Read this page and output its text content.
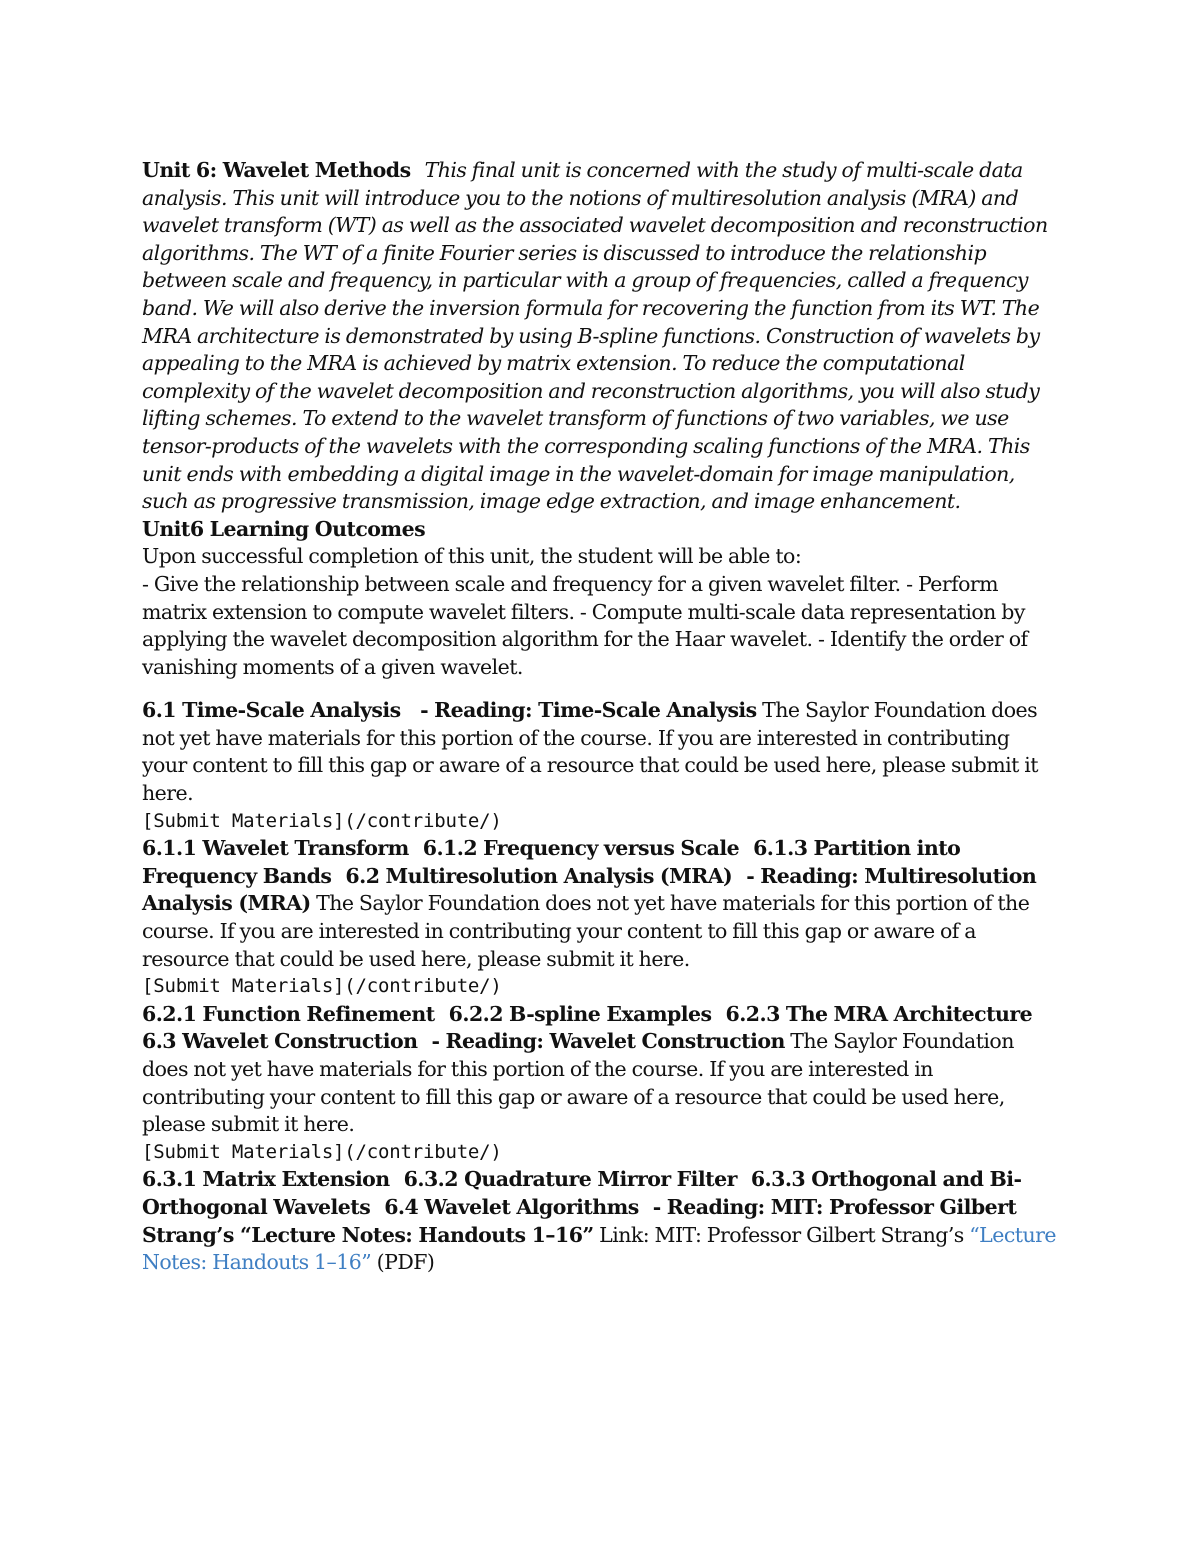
Unit 6: Wavelet Methods This final unit is concerned with the study of multi-scale data analysis. This unit will introduce you to the notions of multiresolution analysis (MRA) and wavelet transform (WT) as well as the associated wavelet decomposition and reconstruction algorithms. The WT of a finite Fourier series is discussed to introduce the relationship between scale and frequency, in particular with a group of frequencies, called a frequency band. We will also derive the inversion formula for recovering the function from its WT. The MRA architecture is demonstrated by using B-spline functions. Construction of wavelets by appealing to the MRA is achieved by matrix extension. To reduce the computational complexity of the wavelet decomposition and reconstruction algorithms, you will also study lifting schemes. To extend to the wavelet transform of functions of two variables, we use tensor-products of the wavelets with the corresponding scaling functions of the MRA. This unit ends with embedding a digital image in the wavelet-domain for image manipulation, such as progressive transmission, image edge extraction, and image enhancement.

Unit6 Learning Outcomes

Upon successful completion of this unit, the student will be able to:

- Give the relationship between scale and frequency for a given wavelet filter. - Perform matrix extension to compute wavelet filters. - Compute multi-scale data representation by applying the wavelet decomposition algorithm for the Haar wavelet. - Identify the order of vanishing moments of a given wavelet.

6.1 Time-Scale Analysis - Reading: Time-Scale Analysis The Saylor Foundation does not yet have materials for this portion of the course. If you are interested in contributing your content to fill this gap or aware of a resource that could be used here, please submit it here.

[Submit Materials](/contribute/)

6.1.1 Wavelet Transform 6.1.2 Frequency versus Scale 6.1.3 Partition into Frequency Bands 6.2 Multiresolution Analysis (MRA) - Reading: Multiresolution Analysis (MRA) The Saylor Foundation does not yet have materials for this portion of the course. If you are interested in contributing your content to fill this gap or aware of a resource that could be used here, please submit it here.

[Submit Materials](/contribute/)

6.2.1 Function Refinement 6.2.2 B-spline Examples 6.2.3 The MRA Architecture 6.3 Wavelet Construction - Reading: Wavelet Construction The Saylor Foundation does not yet have materials for this portion of the course. If you are interested in contributing your content to fill this gap or aware of a resource that could be used here, please submit it here.

[Submit Materials](/contribute/)

6.3.1 Matrix Extension 6.3.2 Quadrature Mirror Filter 6.3.3 Orthogonal and Bi-Orthogonal Wavelets 6.4 Wavelet Algorithms - Reading: MIT: Professor Gilbert Strang’s “Lecture Notes: Handouts 1–16” Link: MIT: Professor Gilbert Strang’s “Lecture Notes: Handouts 1–16” (PDF)
